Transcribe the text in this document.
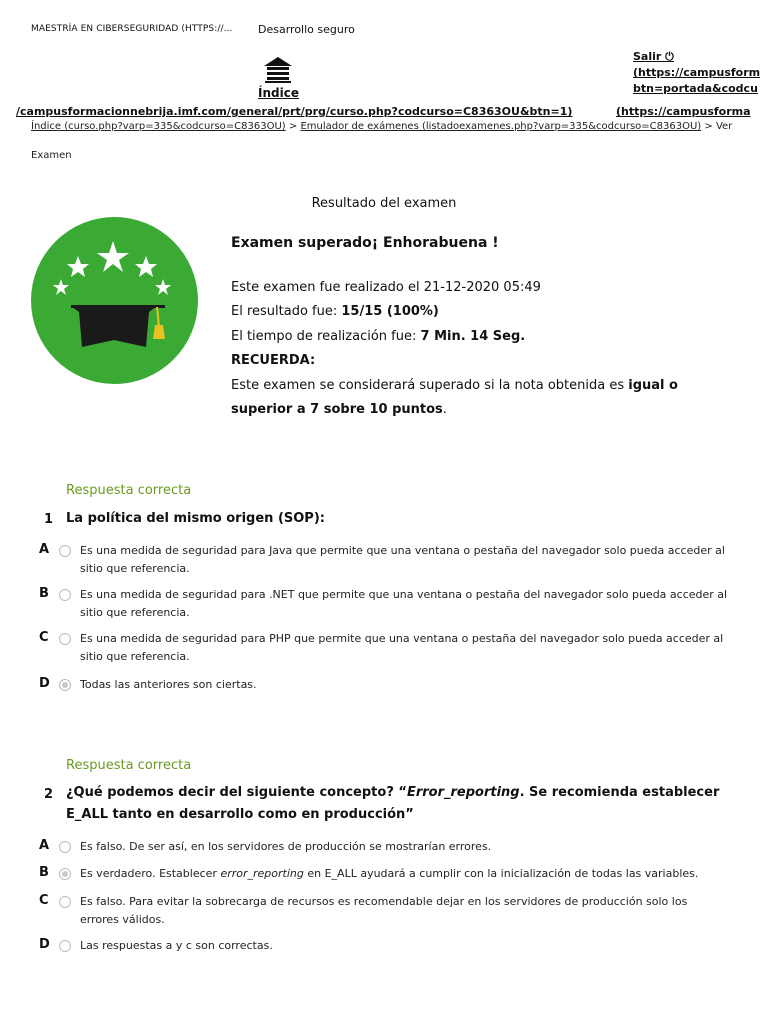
MAESTRÍA EN CIBERSEGURIDAD (HTTPS://... Desarrollo seguro
Índice
Salir ⏻
(https://campusform
btn=portada&codcu
/campusformacionnebrija.imf.com/general/prt/prg/curso.php?codcurso=C8363OU&btn=1)	(https://campusforma
Índice (curso.php?varp=335&codcurso=C8363OU) > Emulador de exámenes (listadoexamenes.php?varp=335&codcurso=C8363OU) > Ver
Examen
Resultado del examen
Examen superado¡ Enhorabuena !
Este examen fue realizado el 21-12-2020 05:49
El resultado fue: 15/15 (100%)
El tiempo de realización fue: 7 Min. 14 Seg.
RECUERDA:
Este examen se considerará superado si la nota obtenida es igual o superior a 7 sobre 10 puntos.
Respuesta correcta
1 La política del mismo origen (SOP):
A	Es una medida de seguridad para Java que permite que una ventana o pestaña del navegador solo pueda acceder al sitio que referencia.
B	Es una medida de seguridad para .NET que permite que una ventana o pestaña del navegador solo pueda acceder al sitio que referencia.
C	Es una medida de seguridad para PHP que permite que una ventana o pestaña del navegador solo pueda acceder al sitio que referencia.
D	Todas las anteriores son ciertas.
Respuesta correcta
2 ¿Qué podemos decir del siguiente concepto? “Error_reporting. Se recomienda establecer E_ALL tanto en desarrollo como en producción”
A	Es falso. De ser así, en los servidores de producción se mostrarían errores.
B	Es verdadero. Establecer error_reporting en E_ALL ayudará a cumplir con la inicialización de todas las variables.
C	Es falso. Para evitar la sobrecarga de recursos es recomendable dejar en los servidores de producción solo los errores válidos.
D	Las respuestas a y c son correctas.
